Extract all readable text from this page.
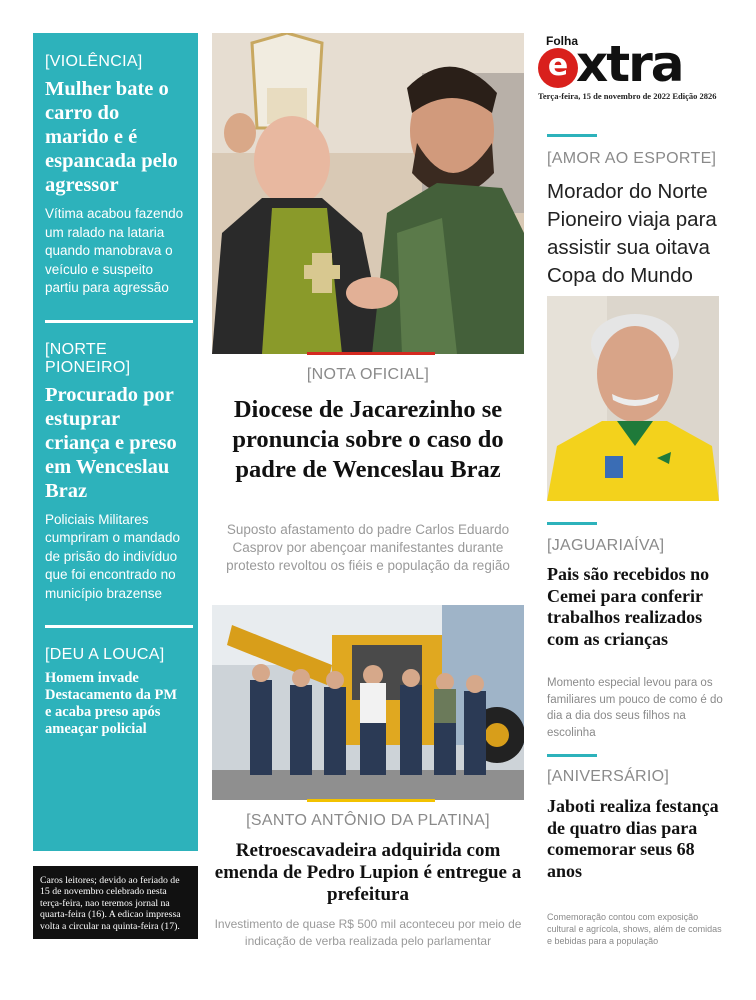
[VIOLÊNCIA]
Mulher bate o carro do marido e é espancada pelo agressor
Vítima acabou fazendo um ralado na lataria quando manobrava o veículo e suspeito partiu para agressão
[NORTE PIONEIRO]
Procurado por estuprar criança e preso em Wenceslau Braz
Policiais Militares cumpriram o mandado de prisão do indivíduo que foi encontrado no município brazense
[DEU A LOUCA]
Homem invade Destacamento da PM e acaba preso após ameaçar policial
Caros leitores; devido ao feriado de 15 de novembro celebrado nesta terça-feira, nao teremos jornal na quarta-feira (16). A edicao impressa volta a circular na quinta-feira (17).
[NOTA OFICIAL]
Diocese de Jacarezinho se pronuncia sobre o caso do padre de Wenceslau Braz
Suposto afastamento do padre Carlos Eduardo Casprov por abençoar manifestantes durante protesto revoltou os fiéis e população da região
[SANTO ANTÔNIO DA PLATINA]
Retroescavadeira adquirida com emenda de Pedro Lupion é entregue a prefeitura
Investimento de quase R$ 500 mil aconteceu por meio de indicação de verba realizada pelo parlamentar
Folha
e xtra
Terça-feira, 15 de novembro de 2022 Edição 2826
[AMOR AO ESPORTE]
Morador do Norte Pioneiro viaja para assistir sua oitava Copa do Mundo
[JAGUARIAÍVA]
Pais são recebidos no Cemei para conferir trabalhos realizados com as crianças
Momento especial levou para os familiares um pouco de como é do dia a dia dos seus filhos na escolinha
[ANIVERSÁRIO]
Jaboti realiza festança de quatro dias para comemorar seus 68 anos
Comemoração contou com exposição cultural e agrícola, shows, além de comidas e bebidas para a população
